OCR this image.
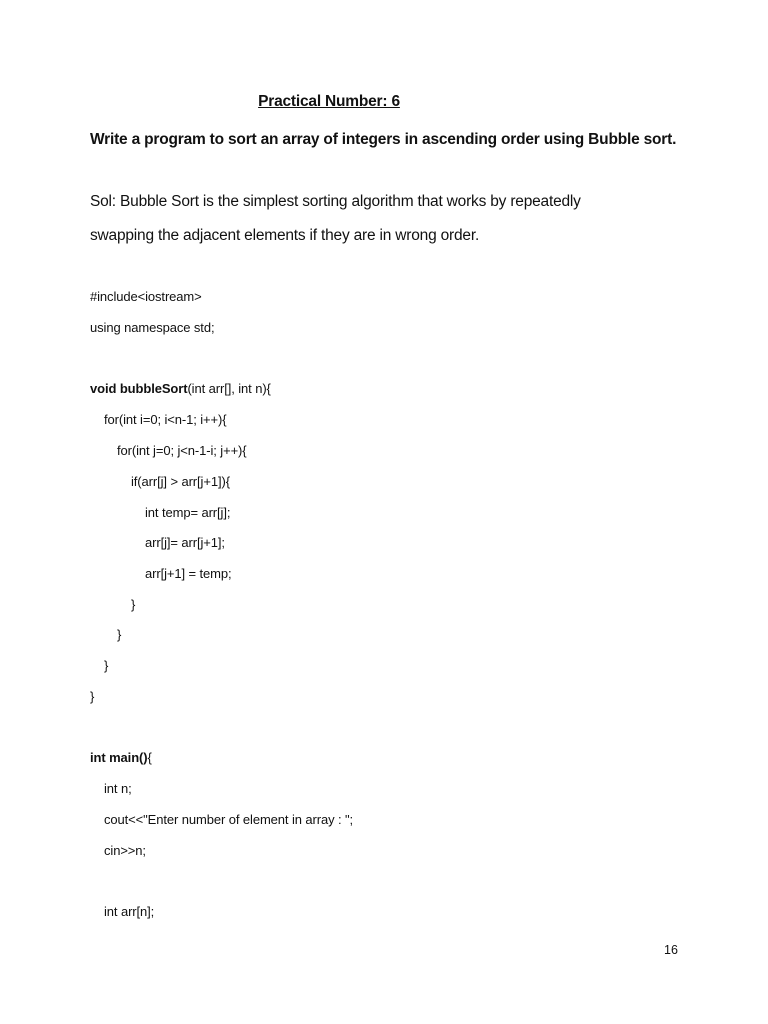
Practical Number: 6
Write a program to sort an array of integers in ascending order using Bubble sort.
Sol: Bubble Sort is the simplest sorting algorithm that works by repeatedly
swapping the adjacent elements if they are in wrong order.
#include<iostream>
using namespace std;
void bubbleSort(int arr[], int n){
for(int i=0; i<n-1; i++){
for(int j=0; j<n-1-i; j++){
if(arr[j] > arr[j+1]){
int temp= arr[j];
arr[j]= arr[j+1];
arr[j+1] = temp;
}
}
}
}
int main(){
int n;
cout<<"Enter number of element in array : ";
cin>>n;
int arr[n];
16
